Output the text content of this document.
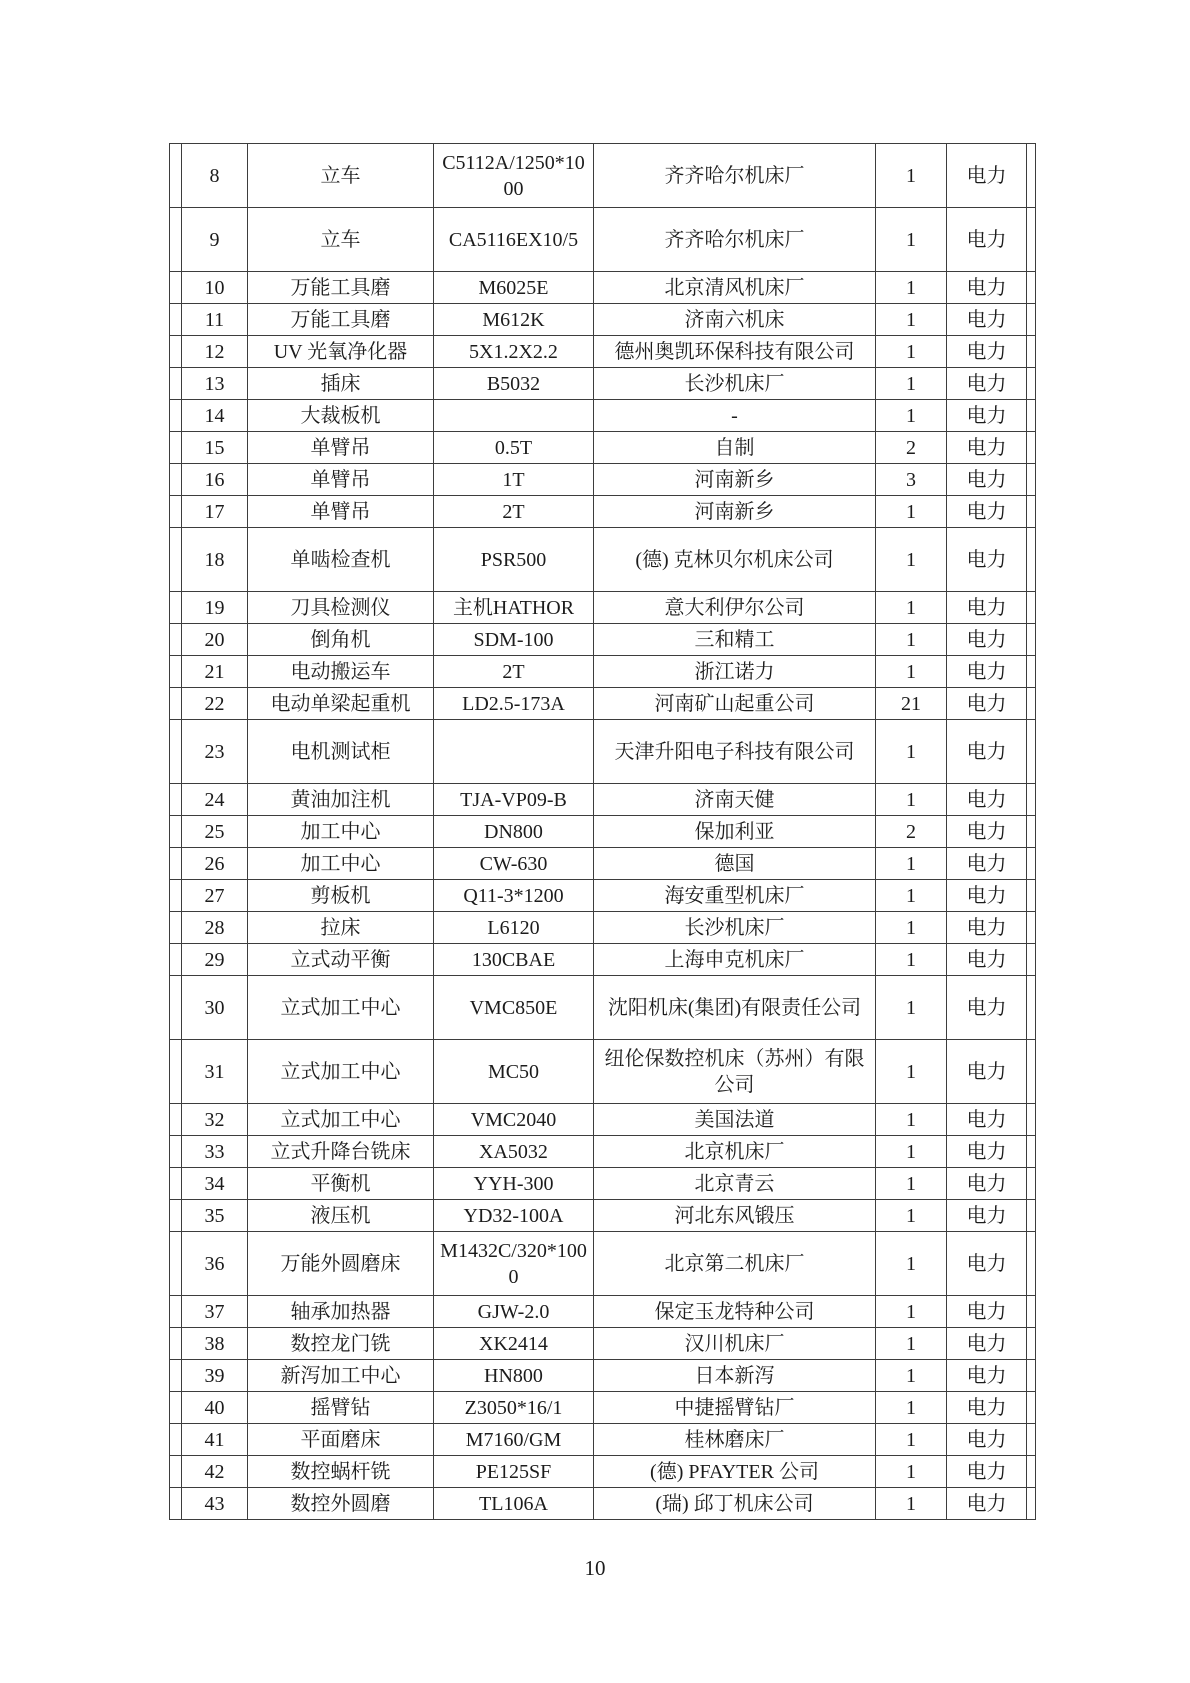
	8	立车	C5112A/1250*1000	齐齐哈尔机床厂	1	电力	
	9	立车	CA5116EX10/5	齐齐哈尔机床厂	1	电力	
	10	万能工具磨	M6025E	北京清风机床厂	1	电力	
	11	万能工具磨	M612K	济南六机床	1	电力	
	12	UV 光氧净化器	5X1.2X2.2	德州奥凯环保科技有限公司	1	电力	
	13	插床	B5032	长沙机床厂	1	电力	
	14	大裁板机		-	1	电力	
	15	单臂吊	0.5T	自制	2	电力	
	16	单臂吊	1T	河南新乡	3	电力	
	17	单臂吊	2T	河南新乡	1	电力	
	18	单啮检查机	PSR500	(德) 克林贝尔机床公司	1	电力	
	19	刀具检测仪	主机HATHOR	意大利伊尔公司	1	电力	
	20	倒角机	SDM-100	三和精工	1	电力	
	21	电动搬运车	2T	浙江诺力	1	电力	
	22	电动单梁起重机	LD2.5-173A	河南矿山起重公司	21	电力	
	23	电机测试柜		天津升阳电子科技有限公司	1	电力	
	24	黄油加注机	TJA-VP09-B	济南天健	1	电力	
	25	加工中心	DN800	保加利亚	2	电力	
	26	加工中心	CW-630	德国	1	电力	
	27	剪板机	Q11-3*1200	海安重型机床厂	1	电力	
	28	拉床	L6120	长沙机床厂	1	电力	
	29	立式动平衡	130CBAE	上海申克机床厂	1	电力	
	30	立式加工中心	VMC850E	沈阳机床(集团)有限责任公司	1	电力	
	31	立式加工中心	MC50	纽伦保数控机床（苏州）有限公司	1	电力	
	32	立式加工中心	VMC2040	美国法道	1	电力	
	33	立式升降台铣床	XA5032	北京机床厂	1	电力	
	34	平衡机	YYH-300	北京青云	1	电力	
	35	液压机	YD32-100A	河北东风锻压	1	电力	
	36	万能外圆磨床	M1432C/320*1000	北京第二机床厂	1	电力	
	37	轴承加热器	GJW-2.0	保定玉龙特种公司	1	电力	
	38	数控龙门铣	XK2414	汉川机床厂	1	电力	
	39	新泻加工中心	HN800	日本新泻	1	电力	
	40	摇臂钻	Z3050*16/1	中捷摇臂钻厂	1	电力	
	41	平面磨床	M7160/GM	桂林磨床厂	1	电力	
	42	数控蜗杆铣	PE125SF	(德) PFAYTER 公司	1	电力	
	43	数控外圆磨	TL106A	(瑞) 邱丁机床公司	1	电力	
10
